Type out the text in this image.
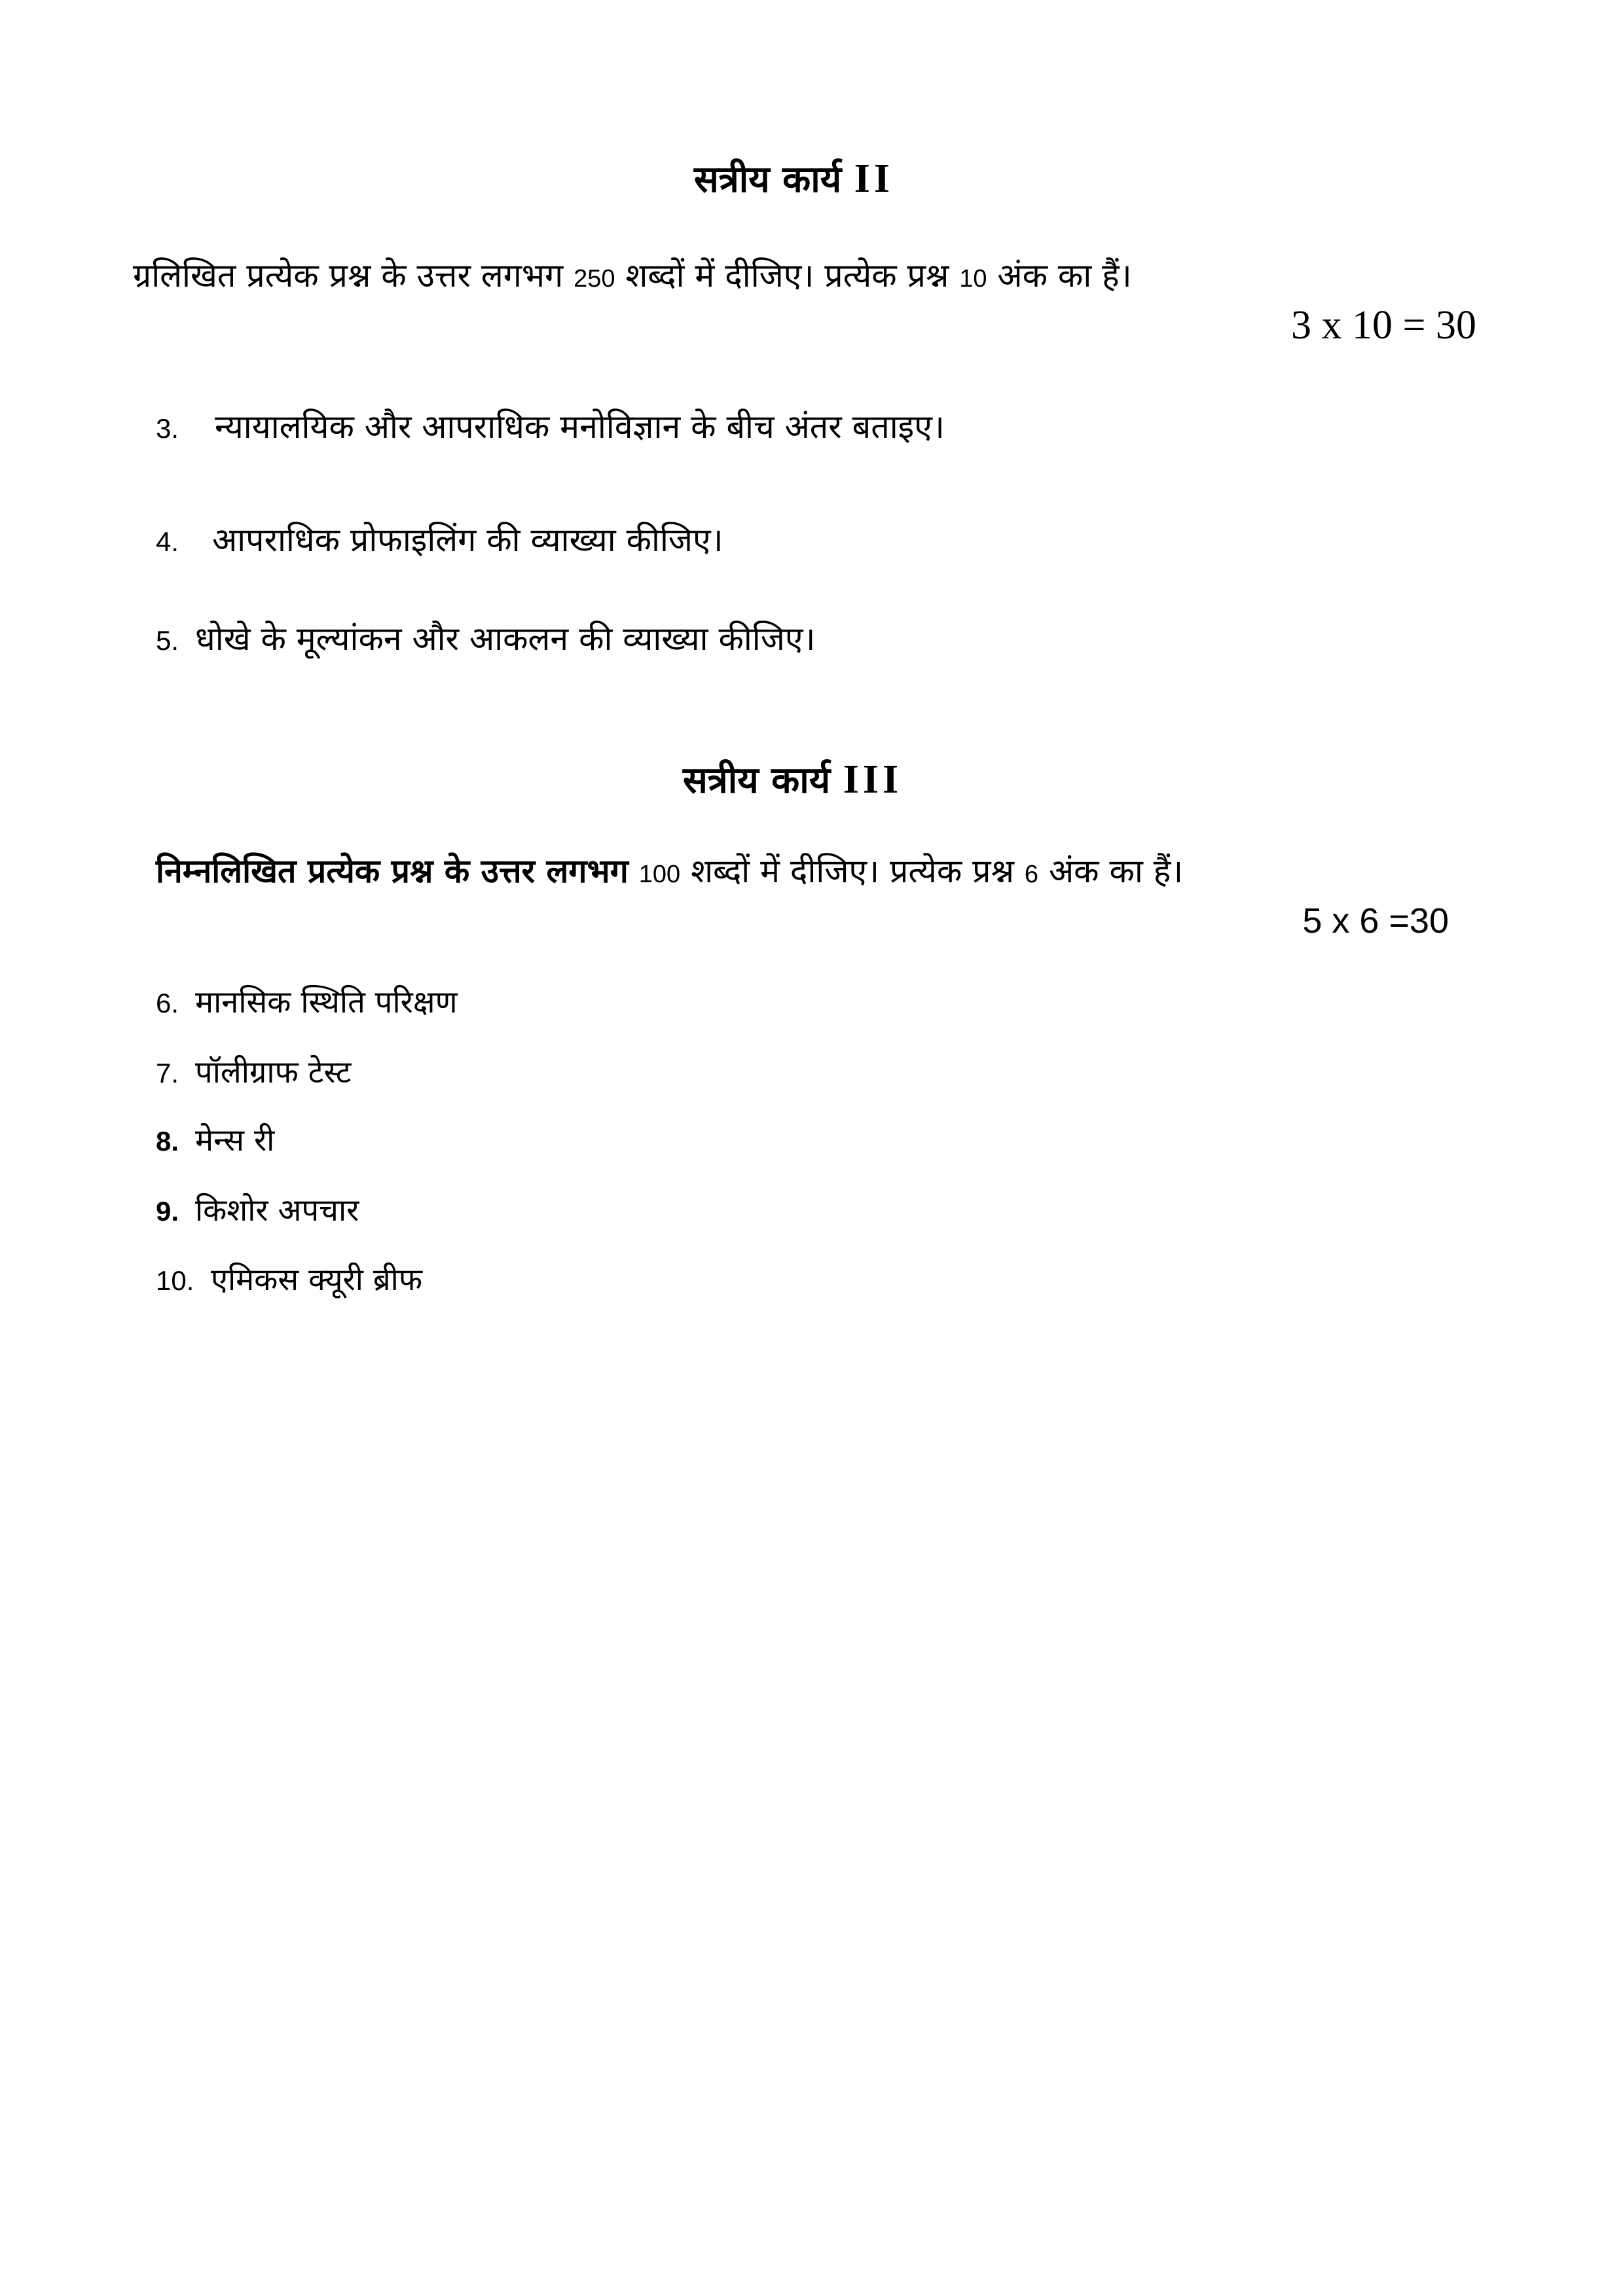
सत्रीय कार्य II
ग्रलिखित प्रत्येक प्रश्न के उत्तर लगभग 250 शब्दों में दीजिए। प्रत्येक प्रश्न 10 अंक का हैं।
3 x 10 = 30
3. न्यायालयिक और आपराधिक मनोविज्ञान के बीच अंतर बताइए।
4. आपराधिक प्रोफाइलिंग की व्याख्या कीजिए।
5. धोखे के मूल्यांकन और आकलन की व्याख्या कीजिए।
सत्रीय कार्य III
निम्नलिखित प्रत्येक प्रश्न के उत्तर लगभग 100 शब्दों में दीजिए। प्रत्येक प्रश्न 6 अंक का हैं।
5 x 6 =30
6. मानसिक स्थिति परिक्षण
7. पॉलीग्राफ टेस्ट
8. मेन्स री
9. किशोर अपचार
10. एमिकस क्यूरी ब्रीफ
